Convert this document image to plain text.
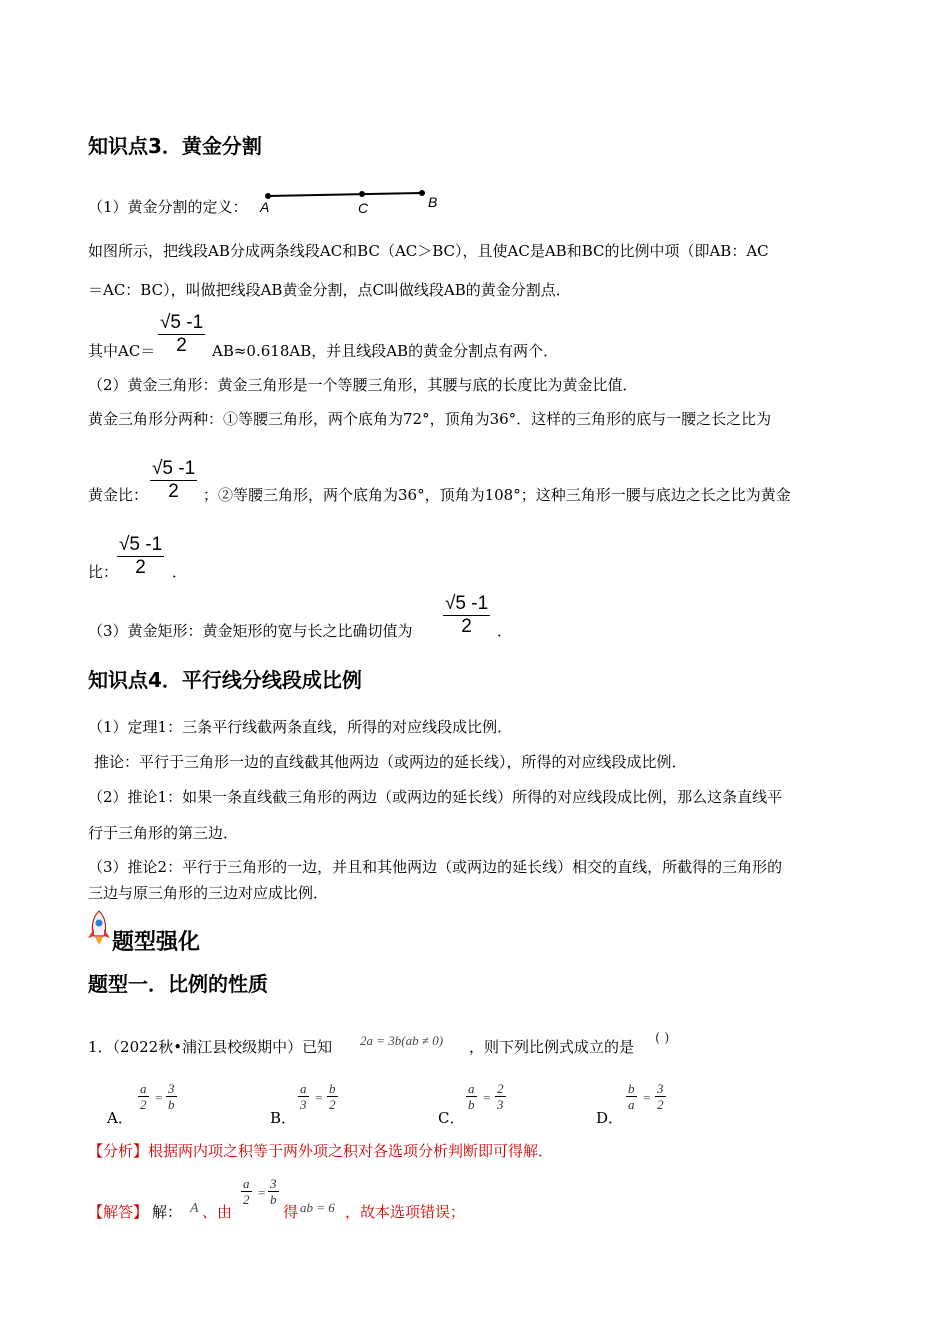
知识点3．黄金分割
（1）黄金分割的定义： A	C	B
如图所示，把线段AB分成两条线段AC和BC（AC＞BC），且使AC是AB和BC的比例中项（即AB：AC
＝AC：BC），叫做把线段AB黄金分割，点C叫做线段AB的黄金分割点．
其中$AC= \frac{√5 -1}{2} AB\approx 0.618AB$，并且线段AB的黄金分割点有两个．
（2）黄金三角形：黄金三角形是一个等腰三角形，其腰与底的长度比为黄金比值．
黄金三角形分两种：①等腰三角形，两个底角为72°，顶角为36°．这样的三角形的底与一腰之长之比为
黄金比： $\frac{√5 -1}{2}$ ；②等腰三角形，两个底角为36°，顶角为108°；这种三角形一腰与底边之长之比为黄金
比：
$\frac{√5 -1}{2}$ ．
（3）黄金矩形：黄金矩形的宽与长之比确切值为 $\frac{√5 -1}{2}$ ．
知识点4．平行线分线段成比例
（1）定理1：三条平行线截两条直线，所得的对应线段成比例．
推论：平行于三角形一边的直线截其他两边（或两边的延长线），所得的对应线段成比例．
（2）推论1：如果一条直线截三角形的两边（或两边的延长线）所得的对应线段成比例，那么这条直线平
行于三角形的第三边．
（3）推论2：平行于三角形的一边，并且和其他两边（或两边的延长线）相交的直线，所截得的三角形的
三边与原三角形的三边对应成比例．
题型强化
题型一．比例的性质
1．（2022秋•浦江县校级期中）已知 2a = 3b(ab ≠ 0) ，则下列比例式成立的是 ( )
A．
$\frac{a}{2} = \frac{3}{b}$
B．
$\frac{a}{3} = \frac{b}{2}$
C．
$\frac{a}{b} = \frac{2}{3}$
D．
$\frac{b}{a} = \frac{3}{2}$
【分析】根据两内项之积等于两外项之积对各选项分析判断即可得解．
【解答】 解： A 、由
$\frac{a}{2} = \frac{3}{b}$
得 ab = 6 ，故本选项错误；
